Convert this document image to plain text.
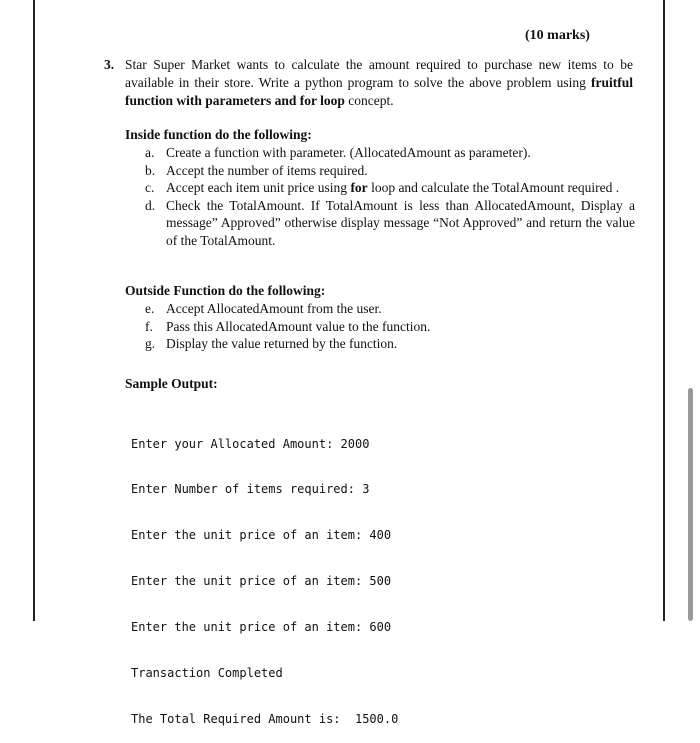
(10 marks)
3. Star Super Market wants to calculate the amount required to purchase new items to be available in their store. Write a python program to solve the above problem using fruitful function with parameters and for loop concept.
Inside function do the following:
a. Create a function with parameter. (AllocatedAmount as parameter).
b. Accept the number of items required.
c. Accept each item unit price using for loop and calculate the TotalAmount required .
d. Check the TotalAmount. If TotalAmount is less than AllocatedAmount, Display a message” Approved” otherwise display message “Not Approved” and return the value of the TotalAmount.
Outside Function do the following:
e. Accept AllocatedAmount from the user.
f. Pass this AllocatedAmount value to the function.
g. Display the value returned by the function.
Sample Output:

Enter your Allocated Amount: 2000

Enter Number of items required: 3

Enter the unit price of an item: 400

Enter the unit price of an item: 500

Enter the unit price of an item: 600

Transaction Completed

The Total Required Amount is:  1500.0
